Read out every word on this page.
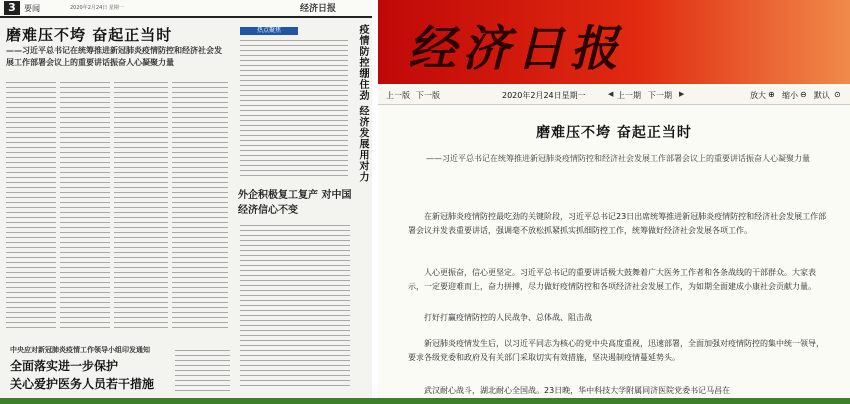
3	要闻	2020年2月24日 星期一	经济日报
磨难压不垮 奋起正当时
——习近平总书记在统筹推进新冠肺炎疫情防控和经济社会发展工作部署会议上的重要讲话振奋人心凝聚力量
热点聚焦	疫情防控绷住劲 经济发展用对力
外企积极复工复产 对中国经济信心不变
中央应对新冠肺炎疫情工作领导小组印发通知
全面落实进一步保护
关心爱护医务人员若干措施
经济日报
上一版 下一版	2020年2月24日星期一	◀ 上一期 下一期 ▶	放大 ⊕ 缩小 ⊖ 默认 ⊙
磨难压不垮 奋起正当时
——习近平总书记在统筹推进新冠肺炎疫情防控和经济社会发展工作部署会议上的重要讲话振奋人心凝聚力量

在新冠肺炎疫情防控最吃劲的关键阶段，习近平总书记23日出席统筹推进新冠肺炎疫情防控和经济社会发展工作部署会议并发表重要讲话，强调毫不放松抓紧抓实抓细防控工作，统筹做好经济社会发展各项工作。

人心更振奋，信心更坚定。习近平总书记的重要讲话极大鼓舞着广大医务工作者和各条战线的干部群众。大家表示，一定要迎难而上，奋力拼搏，尽力做好疫情防控和各项经济社会发展工作，为如期全面建成小康社会贡献力量。

打好打赢疫情防控的人民战争、总体战、阻击战

新冠肺炎疫情发生后，以习近平同志为核心的党中央高度重视，迅速部署，全面加强对疫情防控的集中统一领导，要求各级党委和政府及有关部门采取切实有效措施，坚决遏制疫情蔓延势头。

武汉耐心战斗，湖北耐心全国战。23日晚，华中科技大学附属同济医院党委书记马昌在
